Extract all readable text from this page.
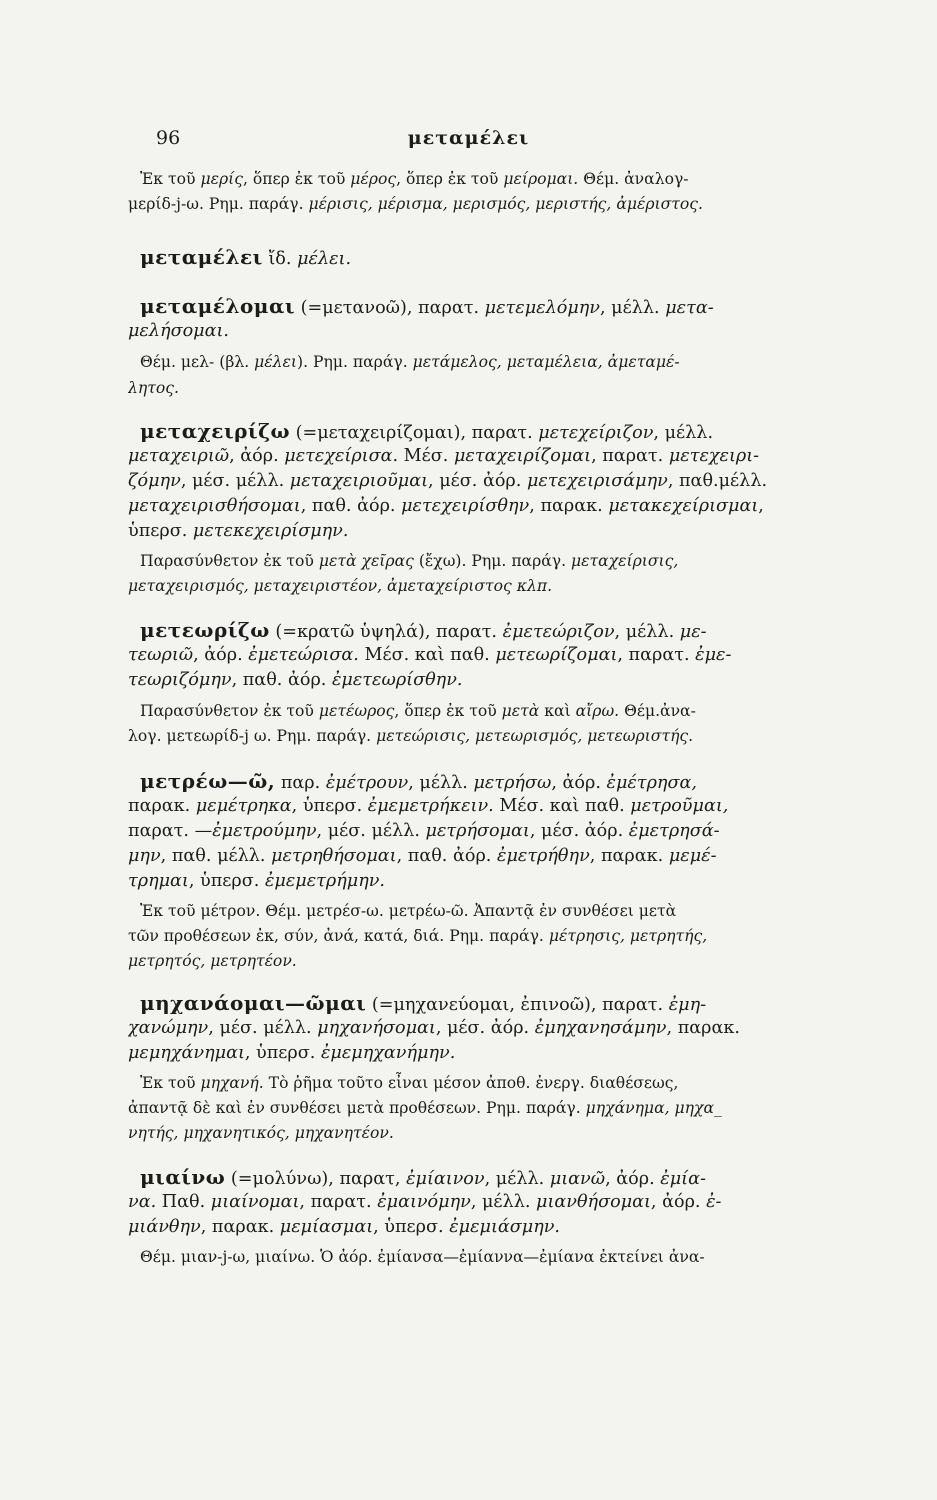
96	μεταμέλει
Ἐκ τοῦ μερίς, ὅπερ ἐκ τοῦ μέρος, ὅπερ ἐκ τοῦ μείρομαι. Θέμ. ἀναλογ-
μερίδ-j-ω. Ρημ. παράγ. μέρισις, μέρισμα, μερισμός, μεριστής, ἀμέριστος.
μεταμέλει ἴδ. μέλει.
μεταμέλομαι (=μετανοῶ), παρατ. μετεμελόμην, μέλλ. μετα-
μελήσομαι.
Θέμ. μελ- (βλ. μέλει). Ρημ. παράγ. μετάμελος, μεταμέλεια, ἀμεταμέ-
λητος.
μεταχειρίζω (=μεταχειρίζομαι), παρατ. μετεχείριζον, μέλλ.
μεταχειριῶ, ἀόρ. μετεχείρισα. Μέσ. μεταχειρίζομαι, παρατ. μετεχειρι-
ζόμην, μέσ. μέλλ. μεταχειριοῦμαι, μέσ. ἀόρ. μετεχειρισάμην, παθ.μέλλ.
μεταχειρισθήσομαι, παθ. ἀόρ. μετεχειρίσθην, παρακ. μετακεχείρισμαι,
ὑπερσ. μετεκεχειρίσμην.
Παρασύνθετον ἐκ τοῦ μετὰ χεῖρας (ἔχω). Ρημ. παράγ. μεταχείρισις,
μεταχειρισμός, μεταχειριστέον, ἀμεταχείριστος κλπ.
μετεωρίζω (=κρατῶ ὑψηλά), παρατ. ἐμετεώριζον, μέλλ. με-
τεωριῶ, ἀόρ. ἐμετεώρισα. Μέσ. καὶ παθ. μετεωρίζομαι, παρατ. ἐμε-
τεωριζόμην, παθ. ἀόρ. ἐμετεωρίσθην.
Παρασύνθετον ἐκ τοῦ μετέωρος, ὅπερ ἐκ τοῦ μετὰ καὶ αἴρω. Θέμ.ἀνα-
λογ. μετεωρίδ-j ω. Ρημ. παράγ. μετεώρισις, μετεωρισμός, μετεωριστής.
μετρέω—ῶ, παρ. ἐμέτρουν, μέλλ. μετρήσω, ἀόρ. ἐμέτρησα,
παρακ. μεμέτρηκα, ὑπερσ. ἐμεμετρήκειν. Μέσ. καὶ παθ. μετροῦμαι,
παρατ. —ἐμετρούμην, μέσ. μέλλ. μετρήσομαι, μέσ. ἀόρ. ἐμετρησά-
μην, παθ. μέλλ. μετρηθήσομαι, παθ. ἀόρ. ἐμετρήθην, παρακ. μεμέ-
τρημαι, ὑπερσ. ἐμεμετρήμην.
Ἐκ τοῦ μέτρον. Θέμ. μετρέσ-ω. μετρέω-ῶ. Ἀπαντᾷ ἐν συνθέσει μετὰ
τῶν προθέσεων ἐκ, σύν, ἀνά, κατά, διά. Ρημ. παράγ. μέτρησις, μετρητής,
μετρητός, μετρητέον.
μηχανάομαι—ῶμαι (=μηχανεύομαι, ἐπινοῶ), παρατ. ἐμη-
χανώμην, μέσ. μέλλ. μηχανήσομαι, μέσ. ἀόρ. ἐμηχανησάμην, παρακ.
μεμηχάνημαι, ὑπερσ. ἐμεμηχανήμην.
Ἐκ τοῦ μηχανή. Τὸ ῥῆμα τοῦτο εἶναι μέσον ἀποθ. ἐνεργ. διαθέσεως,
ἀπαντᾷ δὲ καὶ ἐν συνθέσει μετὰ προθέσεων. Ρημ. παράγ. μηχάνημα, μηχα_
νητής, μηχανητικός, μηχανητέον.
μιαίνω (=μολύνω), παρατ, ἐμίαινον, μέλλ. μιανῶ, ἀόρ. ἐμία-
να. Παθ. μιαίνομαι, παρατ. ἐμαινόμην, μέλλ. μιανθήσομαι, ἀόρ. ἐ-
μιάνθην, παρακ. μεμίασμαι, ὑπερσ. ἐμεμιάσμην.
Θέμ. μιαν-j-ω, μιαίνω. Ὁ ἀόρ. ἐμίανσα—ἐμίαννα—ἐμίανα ἐκτείνει ἀνα-
